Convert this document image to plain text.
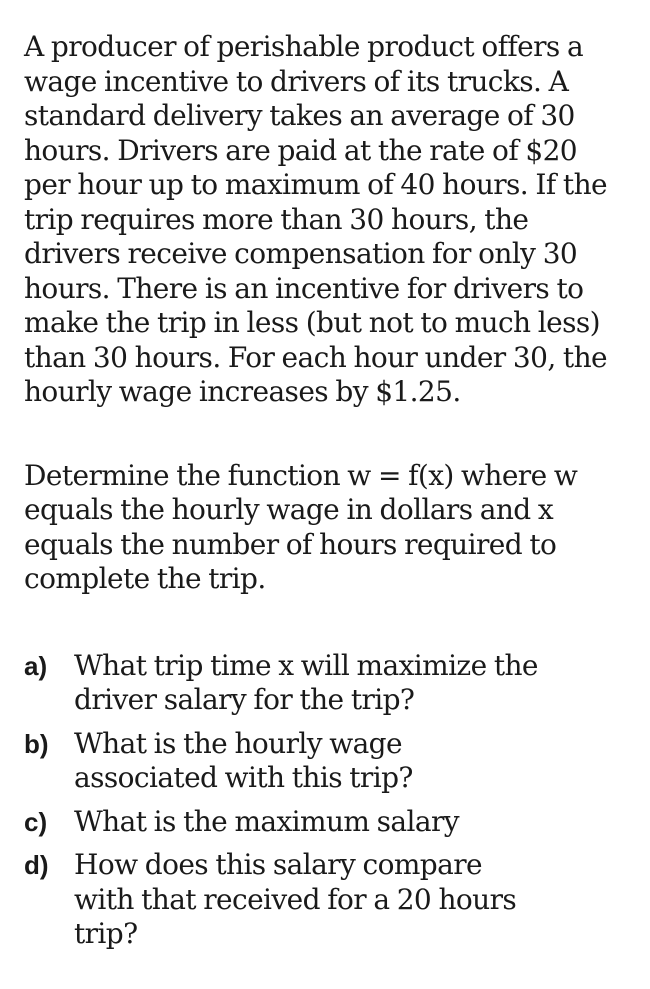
A producer of perishable product offers a wage incentive to drivers of its trucks. A standard delivery takes an average of 30 hours. Drivers are paid at the rate of $20 per hour up to maximum of 40 hours. If the trip requires more than 30 hours, the drivers receive compensation for only 30 hours. There is an incentive for drivers to make the trip in less (but not to much less) than 30 hours. For each hour under 30, the hourly wage increases by $1.25.

Determine the function w = f(x) where w equals the hourly wage in dollars and x equals the number of hours required to complete the trip.

a) What trip time x will maximize the driver salary for the trip?
b) What is the hourly wage associated with this trip?
c) What is the maximum salary
d) How does this salary compare with that received for a 20 hours trip?
